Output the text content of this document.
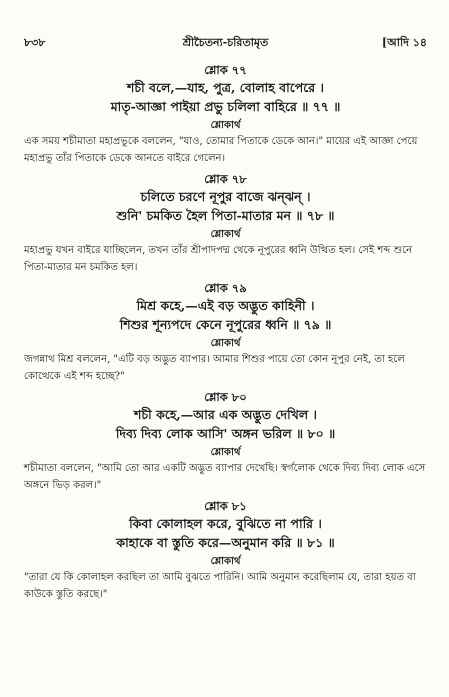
৮৩৮	শ্রীচৈতন্য-চরিতামৃত	[আদি ১৪
শ্লোক ৭৭
শচী বলে,—যাহ, পুত্র, বোলাহ বাপেরে ।
মাতৃ-আজ্ঞা পাইয়া প্রভু চলিলা বাহিরে ॥ ৭৭ ॥
শ্লোকার্থ
এক সময় শচীমাতা মহাপ্রভুকে বললেন, "যাও, তোমার পিতাকে ডেকে আন।" মায়ের এই আজ্ঞা পেয়ে মহাপ্রভু তাঁর পিতাকে ডেকে আনতে বাইরে গেলেন।
শ্লোক ৭৮
চলিতে চরণে নূপুর বাজে ঝন্‌ঝন্‌ ।
শুনি' চমকিত হৈল পিতা-মাতার মন ॥ ৭৮ ॥
শ্লোকার্থ
মহাপ্রভু যখন বাইরে যাচ্ছিলেন, তখন তাঁর শ্রীপাদপদ্ম থেকে নূপুরের ধ্বনি উত্থিত হল। সেই শব্দ শুনে পিতা-মাতার মন চমকিত হল।
শ্লোক ৭৯
মিশ্র কহে,—এই বড় অদ্ভুত কাহিনী ।
শিশুর শূন্যপদে কেনে নূপুরের ধ্বনি ॥ ৭৯ ॥
শ্লোকার্থ
জগন্নাথ মিশ্র বললেন, "এটি বড় অদ্ভুত ব্যাপার। আমার শিশুর পায়ে তো কোন নূপুর নেই, তা হলে কোত্থেকে এই শব্দ হচ্ছে?"
শ্লোক ৮০
শচী কহে,—আর এক অদ্ভুত দেখিল ।
দিব্য দিব্য লোক আসি' অঙ্গন ভরিল ॥ ৮০ ॥
শ্লোকার্থ
শচীমাতা বললেন, "আমি তো আর একটি অদ্ভুত ব্যাপার দেখেছি। স্বর্গলোক থেকে দিব্য দিব্য লোক এসে অঙ্গনে ভিড় করল।"
শ্লোক ৮১
কিবা কোলাহল করে, বুঝিতে না পারি ।
কাহাকে বা স্তুতি করে—অনুমান করি ॥ ৮১ ॥
শ্লোকার্থ
"তারা যে কি কোলাহল করছিল তা আমি বুঝতে পারিনি। আমি অনুমান করেছিলাম যে, তারা হয়ত বা কাউকে স্তুতি করছে।"
